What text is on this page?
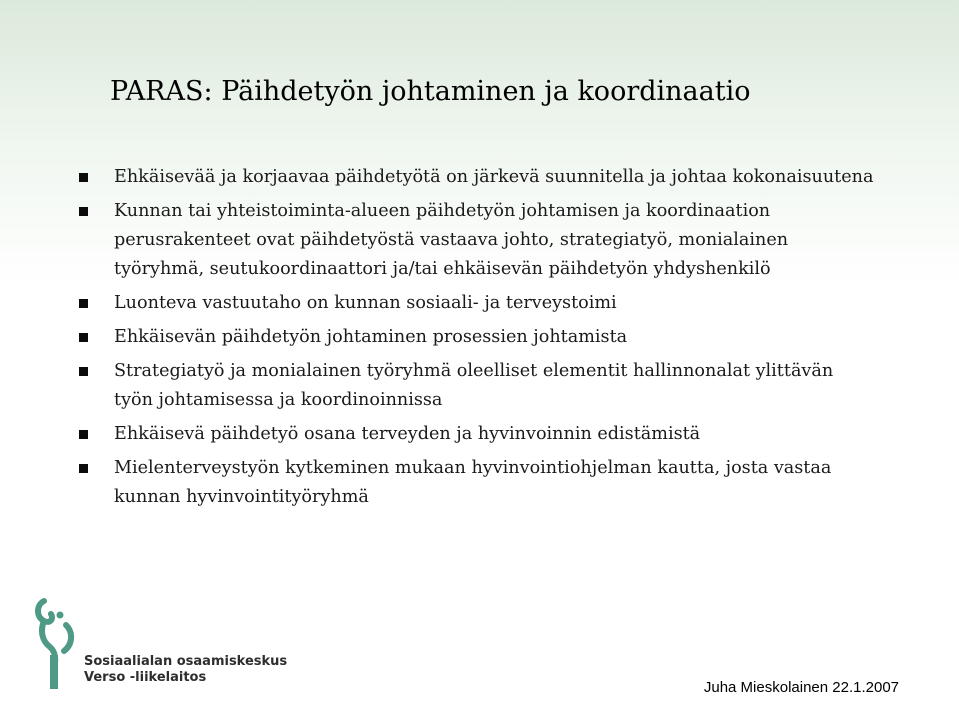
PARAS: Päihdetyön johtaminen ja koordinaatio
Ehkäisevää ja korjaavaa päihdetyötä on järkevä suunnitella ja johtaa kokonaisuutena
Kunnan tai yhteistoiminta-alueen päihdetyön johtamisen ja koordinaation perusrakenteet ovat päihdetyöstä vastaava johto, strategiatyö, monialainen työryhmä, seutukoordinaattori ja/tai ehkäisevän päihdetyön yhdyshenkilö
Luonteva vastuutaho on kunnan sosiaali- ja terveystoimi
Ehkäisevän päihdetyön johtaminen prosessien johtamista
Strategiatyö ja monialainen työryhmä oleelliset elementit hallinnonalat ylittävän työn johtamisessa ja koordinoinnissa
Ehkäisevä päihdetyö osana terveyden ja hyvinvoinnin edistämistä
Mielenterveystyön kytkeminen mukaan hyvinvointiohjelman kautta, josta vastaa kunnan hyvinvointityöryhmä
Sosiaalialan osaamiskeskus
Verso -liikelaitos
Juha Mieskolainen 22.1.2007
